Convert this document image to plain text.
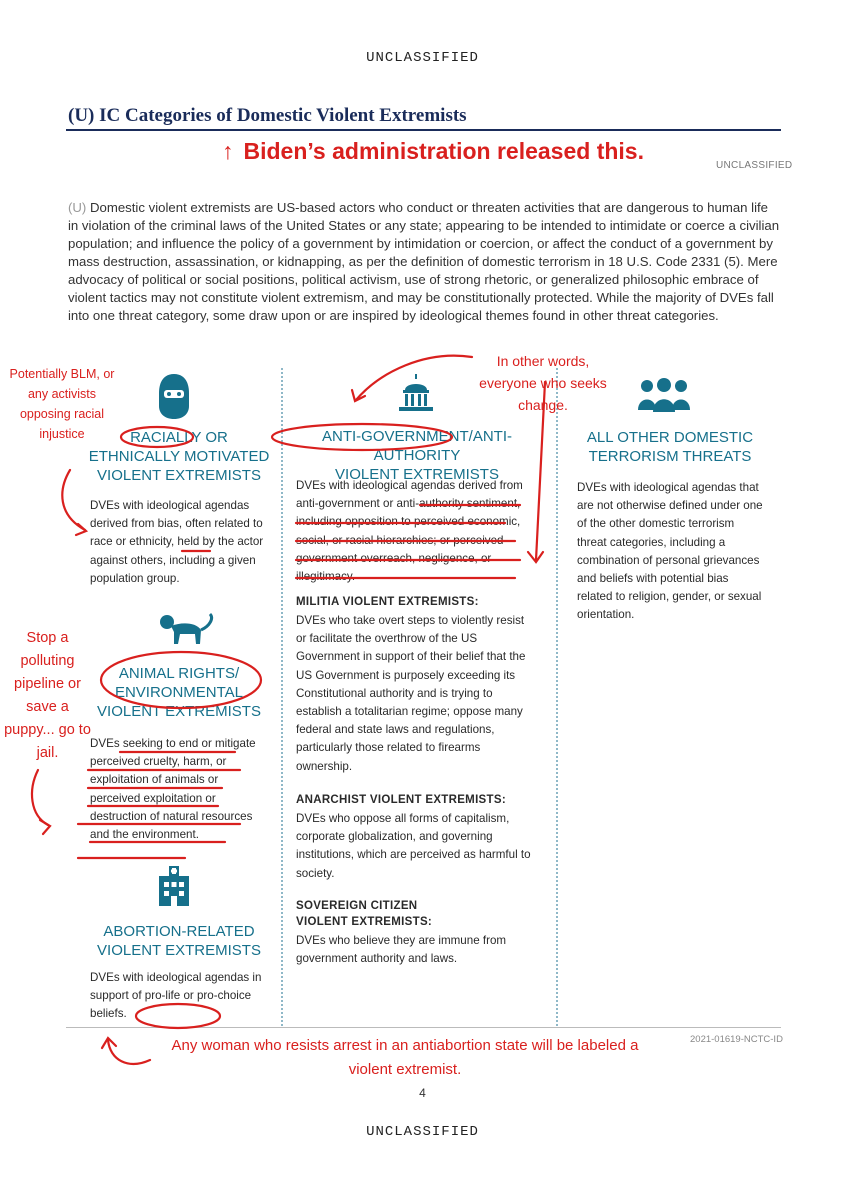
UNCLASSIFIED
(U) IC Categories of Domestic Violent Extremists
↑ Biden’s administration released this.
UNCLASSIFIED
(U) Domestic violent extremists are US-based actors who conduct or threaten activities that are dangerous to human life in violation of the criminal laws of the United States or any state; appearing to be intended to intimidate or coerce a civilian population; and influence the policy of a government by intimidation or coercion, or affect the conduct of a government by mass destruction, assassination, or kidnapping, as per the definition of domestic terrorism in 18 U.S. Code 2331 (5). Mere advocacy of political or social positions, political activism, use of strong rhetoric, or generalized philosophic embrace of violent tactics may not constitute violent extremism, and may be constitutionally protected. While the majority of DVEs fall into one threat category, some draw upon or are inspired by ideological themes found in other threat categories.
RACIALLY OR
ETHNICALLY MOTIVATED
VIOLENT EXTREMISTS
DVEs with ideological agendas derived from bias, often related to race or ethnicity, held by the actor against others, including a given population group.
ANIMAL RIGHTS/
ENVIRONMENTAL
VIOLENT EXTREMISTS
DVEs seeking to end or mitigate perceived cruelty, harm, or exploitation of animals or perceived exploitation or destruction of natural resources and the environment.
ABORTION-RELATED
VIOLENT EXTREMISTS
DVEs with ideological agendas in support of pro-life or pro-choice beliefs.
ANTI-GOVERNMENT/ANTI-AUTHORITY
VIOLENT EXTREMISTS
DVEs with ideological agendas derived from anti-government or anti-authority sentiment, including opposition to perceived economic, social, or racial hierarchies; or perceived government overreach, negligence, or illegitimacy.
MILITIA VIOLENT EXTREMISTS:
DVEs who take overt steps to violently resist or facilitate the overthrow of the US Government in support of their belief that the US Government is purposely exceeding its Constitutional authority and is trying to establish a totalitarian regime; oppose many federal and state laws and regulations, particularly those related to firearms ownership.
ANARCHIST VIOLENT EXTREMISTS:
DVEs who oppose all forms of capitalism, corporate globalization, and governing institutions, which are perceived as harmful to society.
SOVEREIGN CITIZEN
VIOLENT EXTREMISTS:
DVEs who believe they are immune from government authority and laws.
ALL OTHER DOMESTIC
TERRORISM THREATS
DVEs with ideological agendas that are not otherwise defined under one of the other domestic terrorism threat categories, including a combination of personal grievances and beliefs with potential bias related to religion, gender, or sexual orientation.
2021-01619-NCTC-ID
4
UNCLASSIFIED
Potentially BLM, or any activists opposing racial injustice
In other words, everyone who seeks change.
Stop a polluting pipeline or save a puppy... go to jail.
Any woman who resists arrest in an antiabortion state will be labeled a violent extremist.
